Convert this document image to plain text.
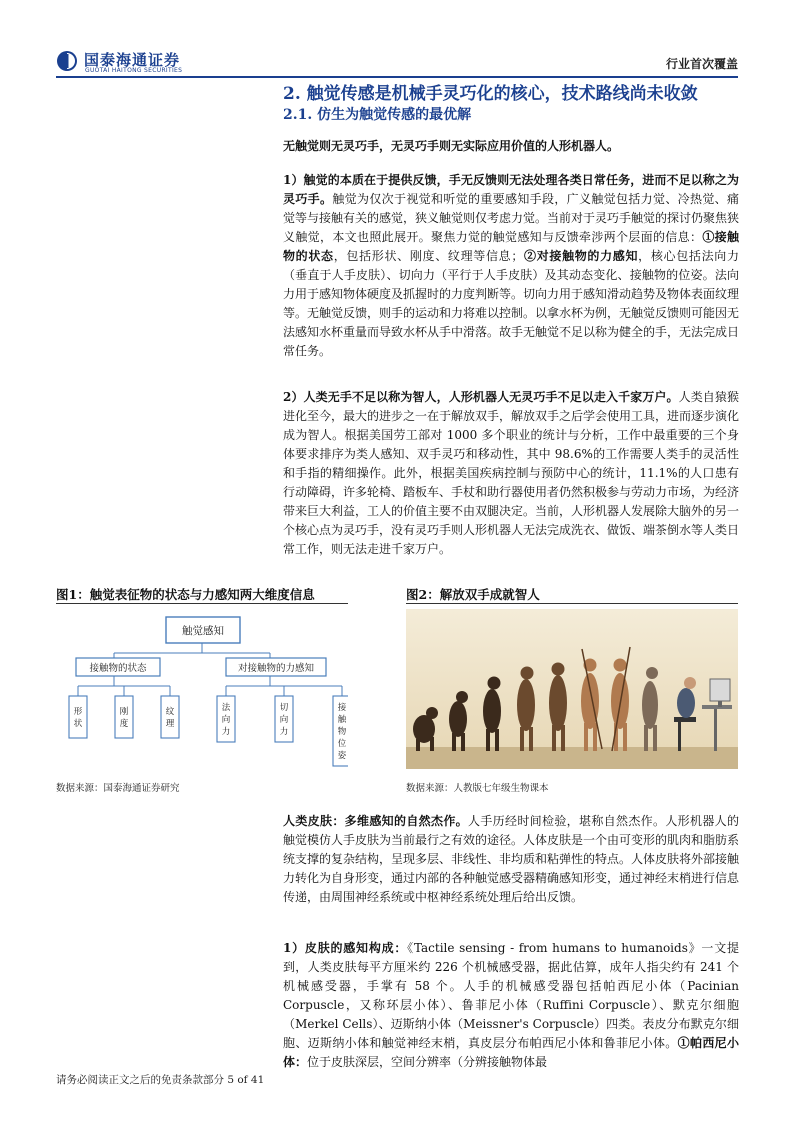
国泰海通证券
GUOTAI HAITONG SECURITIES	行业首次覆盖
2. 触觉传感是机械手灵巧化的核心，技术路线尚未收敛
2.1. 仿生为触觉传感的最优解
无触觉则无灵巧手，无灵巧手则无实际应用价值的人形机器人。
1）触觉的本质在于提供反馈，手无反馈则无法处理各类日常任务，进而不足以称之为灵巧手。触觉为仅次于视觉和听觉的重要感知手段，广义触觉包括力觉、冷热觉、痛觉等与接触有关的感觉，狭义触觉则仅考虑力觉。当前对于灵巧手触觉的探讨仍聚焦狭义触觉，本文也照此展开。聚焦力觉的触觉感知与反馈牵涉两个层面的信息：①接触物的状态，包括形状、刚度、纹理等信息；②对接触物的力感知，核心包括法向力（垂直于人手皮肤）、切向力（平行于人手皮肤）及其动态变化、接触物的位姿。法向力用于感知物体硬度及抓握时的力度判断等。切向力用于感知滑动趋势及物体表面纹理等。无触觉反馈，则手的运动和力将难以控制。以拿水杯为例，无触觉反馈则可能因无法感知水杯重量而导致水杯从手中滑落。故手无触觉不足以称为健全的手，无法完成日常任务。
2）人类无手不足以称为智人，人形机器人无灵巧手不足以走入千家万户。人类自猿猴进化至今，最大的进步之一在于解放双手，解放双手之后学会使用工具，进而逐步演化成为智人。根据美国劳工部对 1000 多个职业的统计与分析，工作中最重要的三个身体要求排序为类人感知、双手灵巧和移动性，其中 98.6%的工作需要人类手的灵活性和手指的精细操作。此外，根据美国疾病控制与预防中心的统计，11.1%的人口患有行动障碍，许多轮椅、踏板车、手杖和助行器使用者仍然积极参与劳动力市场，为经济带来巨大利益，工人的价值主要不由双腿决定。当前，人形机器人发展除大脑外的另一个核心点为灵巧手，没有灵巧手则人形机器人无法完成洗衣、做饭、端茶倒水等人类日常工作，则无法走进千家万户。
图1：触觉表征物的状态与力感知两大维度信息	图2：解放双手成就智人
触觉感知
接触物的状态	对接触物的力感知
形状
刚度
纹理
法向力
切向力
接触物位姿
数据来源：国泰海通证券研究	数据来源：人教版七年级生物课本
人类皮肤：多维感知的自然杰作。人手历经时间检验，堪称自然杰作。人形机器人的触觉模仿人手皮肤为当前最行之有效的途径。人体皮肤是一个由可变形的肌肉和脂肪系统支撑的复杂结构，呈现多层、非线性、非均质和粘弹性的特点。人体皮肤将外部接触力转化为自身形变，通过内部的各种触觉感受器精确感知形变，通过神经末梢进行信息传递，由周围神经系统或中枢神经系统处理后给出反馈。
1）皮肤的感知构成：《Tactile sensing - from humans to humanoids》一文提到，人类皮肤每平方厘米约 226 个机械感受器，据此估算，成年人指尖约有 241 个机械感受器，手掌有 58 个。人手的机械感受器包括帕西尼小体（Pacinian Corpuscle，又称环层小体）、鲁菲尼小体（Ruffini Corpuscle）、默克尔细胞（Merkel Cells）、迈斯纳小体（Meissner's Corpuscle）四类。表皮分布默克尔细胞、迈斯纳小体和触觉神经末梢，真皮层分布帕西尼小体和鲁菲尼小体。①帕西尼小体：位于皮肤深层，空间分辨率（分辨接触物体最
请务必阅读正文之后的免责条款部分 5 of 41
